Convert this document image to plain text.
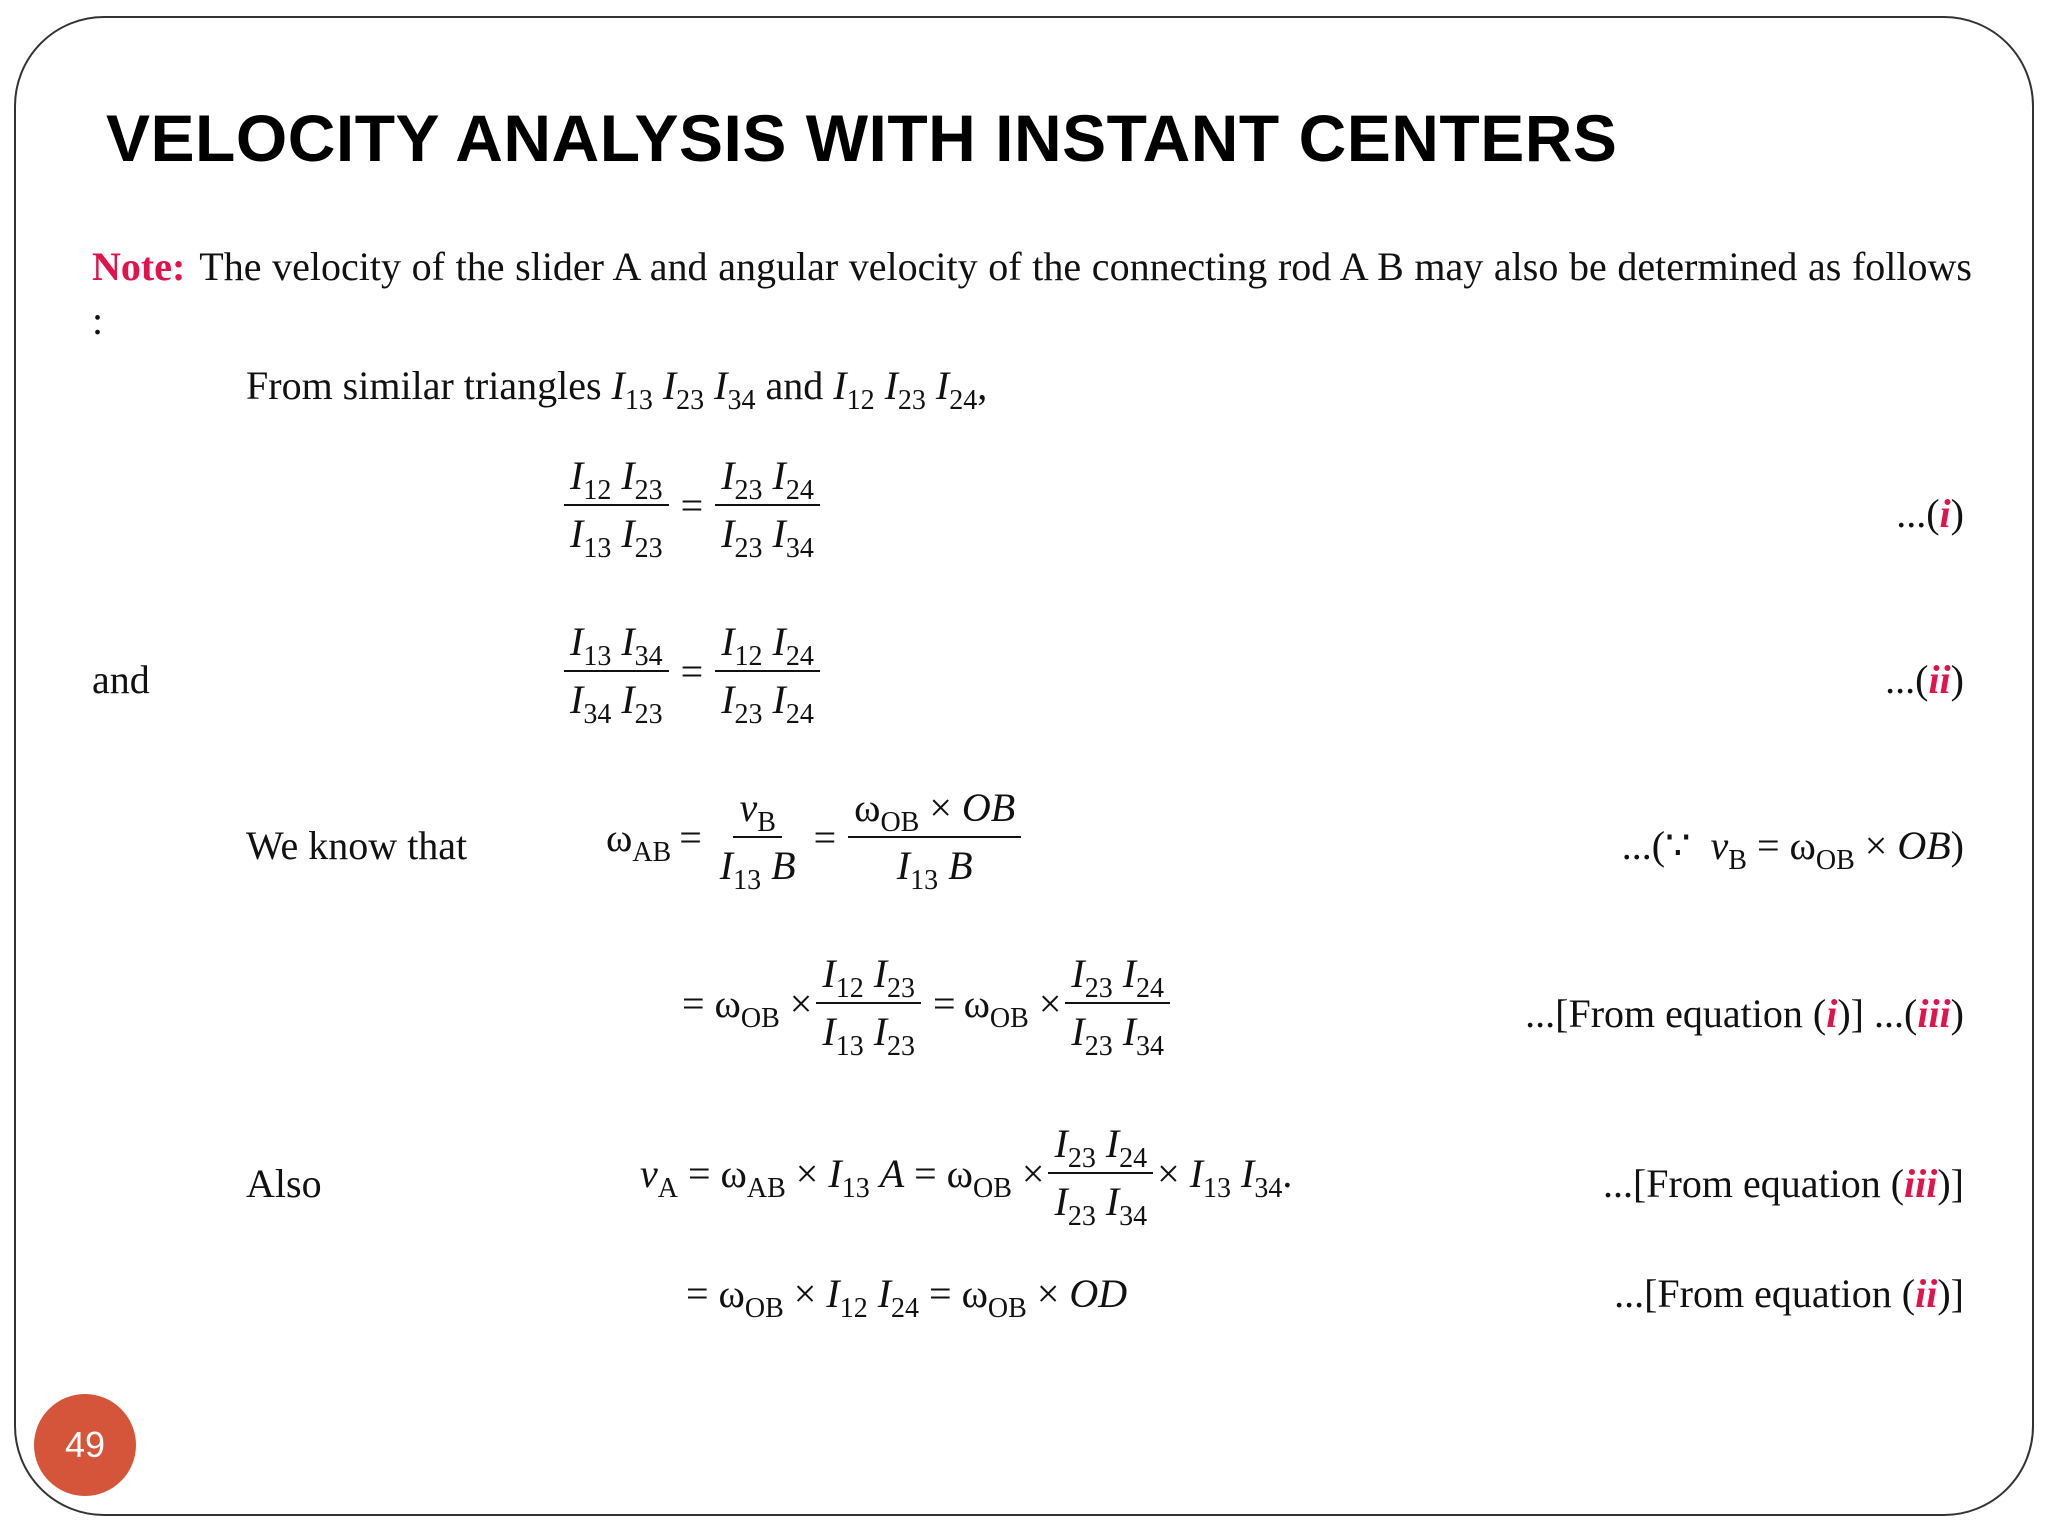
VELOCITY ANALYSIS WITH INSTANT CENTERS
Note: The velocity of the slider A and angular velocity of the connecting rod A B may also be determined as follows :
From similar triangles $I_{13}$ $I_{23}$ $I_{34}$ and $I_{12}$ $I_{23}$ $I_{24}$,
$\frac{I_{12} I_{23}}{I_{13} I_{23}} = \frac{I_{23} I_{24}}{I_{23} I_{34}}$	...(i)
and	$\frac{I_{13} I_{34}}{I_{34} I_{23}} = \frac{I_{12} I_{24}}{I_{23} I_{24}}$	...(ii)
We know that	$\omega_{AB} = \frac{v_B}{I_{13} B} = \frac{\omega_{OB} \times OB}{I_{13} B}$	...(∵  $v_B = \omega_{OB} \times OB$)
= $\omega_{OB} \times \frac{I_{12} I_{23}}{I_{13} I_{23}} = \omega_{OB} \times \frac{I_{23} I_{24}}{I_{23} I_{34}}$	...[From equation (i)] ...(iii)
Also	$v_A = \omega_{AB} \times I_{13}$ $A = \omega_{OB} \times \frac{I_{23} I_{24}}{I_{23} I_{34}} \times I_{13}$ $I_{34}$.	...[From equation (iii)]
= $\omega_{OB} \times I_{12}$ $I_{24} = \omega_{OB}$ × OD	...[From equation (ii)]
49
